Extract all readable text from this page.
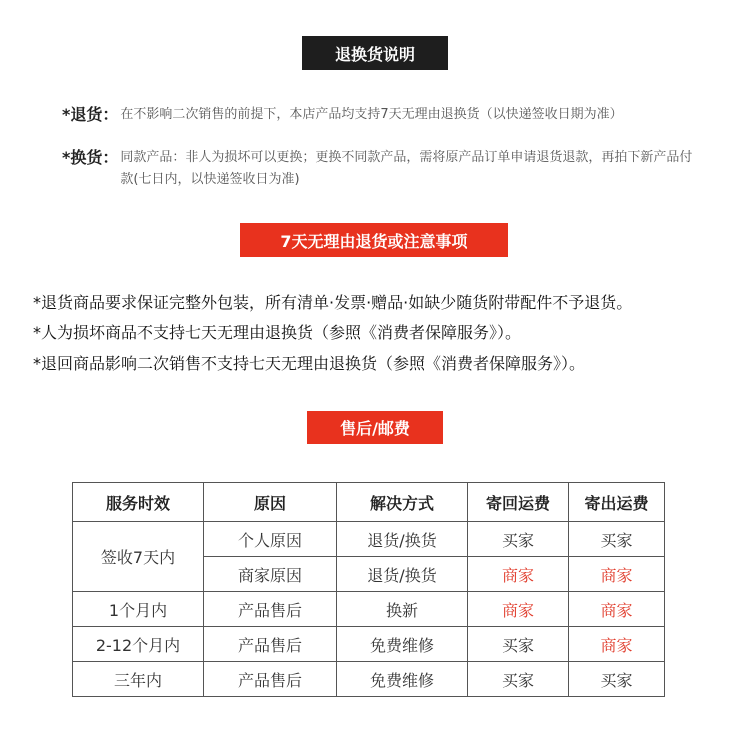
退换货说明
*退货： 在不影响二次销售的前提下，本店产品均支持7天无理由退换货（以快递签收日期为准）
*换货： 同款产品：非人为损坏可以更换；更换不同款产品，需将原产品订单申请退货退款，再拍下新产品付款(七日内，以快递签收日为准)
7天无理由退货或注意事项
*退货商品要求保证完整外包装，所有清单·发票·赠品·如缺少随货附带配件不予退货。
*人为损坏商品不支持七天无理由退换货（参照《消费者保障服务》）。
*退回商品影响二次销售不支持七天无理由退换货（参照《消费者保障服务》）。
售后/邮费
服务时效	原因	解决方式	寄回运费	寄出运费
签收7天内	个人原因	退货/换货	买家	买家
	商家原因	退货/换货	商家	商家
1个月内	产品售后	换新	商家	商家
2-12个月内	产品售后	免费维修	买家	商家
三年内	产品售后	免费维修	买家	买家
